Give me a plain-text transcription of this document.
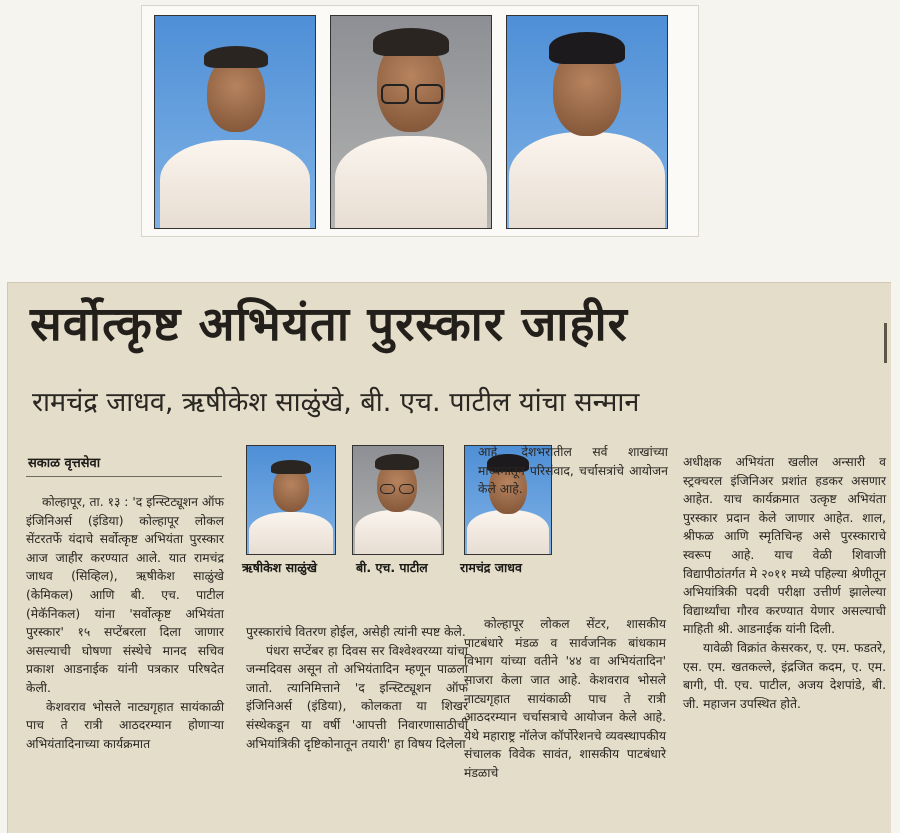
सर्वोत्कृष्ट अभियंता पुरस्कार जाहीर
रामचंद्र जाधव, ऋषीकेश साळुंखे, बी. एच. पाटील यांचा सन्मान
सकाळ वृत्तसेवा

कोल्हापूर, ता. १३ : 'द इन्स्टिट्यूशन ऑफ इंजिनिअर्स (इंडिया) कोल्हापूर लोकल सेंटरतर्फे यंदाचे सर्वोत्कृष्ट अभियंता पुरस्कार आज जाहीर करण्यात आले. यात रामचंद्र जाधव (सिव्हिल), ऋषीकेश साळुंखे (केमिकल) आणि बी. एच. पाटील (मेकॅनिकल) यांना 'सर्वोत्कृष्ट अभियंता पुरस्कार' १५ सप्टेंबरला दिला जाणार असल्याची घोषणा संस्थेचे मानद सचिव प्रकाश आडनाईक यांनी पत्रकार परिषदेत केली.

केशवराव भोसले नाट्यगृहात सायंकाळी पाच ते रात्री आठदरम्यान होणाऱ्या अभियंतादिनाच्या कार्यक्रमात

ऋषीकेश साळुंखे	बी. एच. पाटील	रामचंद्र जाधव

पुरस्कारांचे वितरण होईल, असेही त्यांनी स्पष्ट केले.

पंधरा सप्टेंबर हा दिवस सर विश्वेश्वरय्या यांचा जन्मदिवस असून तो अभियंतादिन म्हणून पाळला जातो. त्यानिमित्ताने 'द इन्स्टिट्यूशन ऑफ इंजिनिअर्स (इंडिया), कोलकता या शिखर संस्थेकडून या वर्षी 'आपत्ती निवारणासाठीची अभियांत्रिकी दृष्टिकोनातून तयारी' हा विषय दिलेला

आहे. देशभरातील सर्व शाखांच्या माध्यमातून परिसंवाद, चर्चासत्रांचे आयोजन केले आहे.

कोल्हापूर लोकल सेंटर, शासकीय पाटबंधारे मंडळ व सार्वजनिक बांधकाम विभाग यांच्या वतीने '४४ वा अभियंतादिन' साजरा केला जात आहे. केशवराव भोसले नाट्यगृहात सायंकाळी पाच ते रात्री आठदरम्यान चर्चासत्राचे आयोजन केले आहे. येथे महाराष्ट्र नॉलेज कॉर्पोरेशनचे व्यवस्थापकीय संचालक विवेक सावंत, शासकीय पाटबंधारे मंडळाचे

अधीक्षक अभियंता खलील अन्सारी व स्ट्रक्चरल इंजिनिअर प्रशांत हडकर असणार आहेत. याच कार्यक्रमात उत्कृष्ट अभियंता पुरस्कार प्रदान केले जाणार आहेत. शाल, श्रीफळ आणि स्मृतिचिन्ह असे पुरस्काराचे स्वरूप आहे. याच वेळी शिवाजी विद्यापीठांतर्गत मे २०११ मध्ये पहिल्या श्रेणीतून अभियांत्रिकी पदवी परीक्षा उत्तीर्ण झालेल्या विद्यार्थ्यांचा गौरव करण्यात येणार असल्याची माहिती श्री. आडनाईक यांनी दिली.

यावेळी विक्रांत केसरकर, ए. एम. फडतरे, एस. एम. खतकल्ले, इंद्रजित कदम, ए. एम. बागी, पी. एच. पाटील, अजय देशपांडे, बी. जी. महाजन उपस्थित होते.
